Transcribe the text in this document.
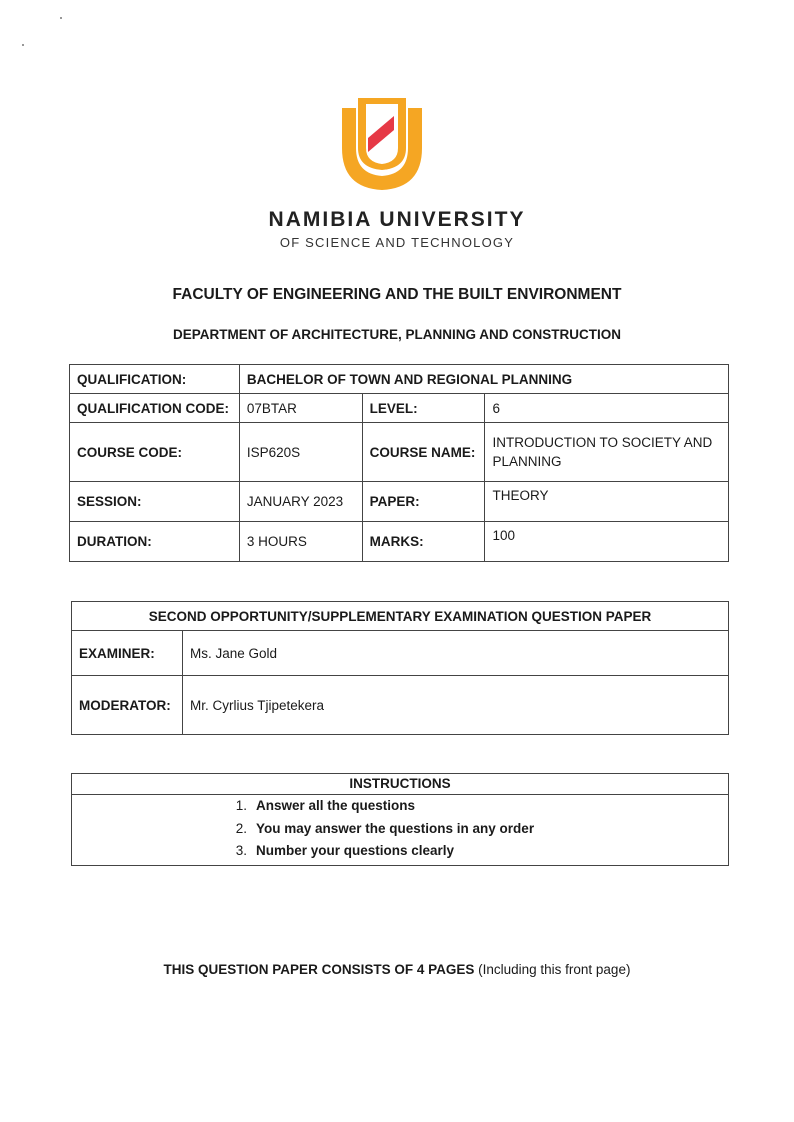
NAMIBIA UNIVERSITY
OF SCIENCE AND TECHNOLOGY
FACULTY OF ENGINEERING AND THE BUILT ENVIRONMENT
DEPARTMENT OF ARCHITECTURE, PLANNING AND CONSTRUCTION
QUALIFICATION:	BACHELOR OF TOWN AND REGIONAL PLANNING		
QUALIFICATION CODE:	07BTAR	LEVEL:	6
COURSE CODE:	ISP620S	COURSE NAME:	INTRODUCTION TO SOCIETY AND PLANNING
SESSION:	JANUARY 2023	PAPER:	THEORY
DURATION:	3 HOURS	MARKS:	100
SECOND OPPORTUNITY/SUPPLEMENTARY EXAMINATION QUESTION PAPER	
EXAMINER:	Ms. Jane Gold
MODERATOR:	Mr. Cyrlius Tjipetekera
INSTRUCTIONS
1. Answer all the questions
2. You may answer the questions in any order
3. Number your questions clearly
THIS QUESTION PAPER CONSISTS OF 4 PAGES (Including this front page)
